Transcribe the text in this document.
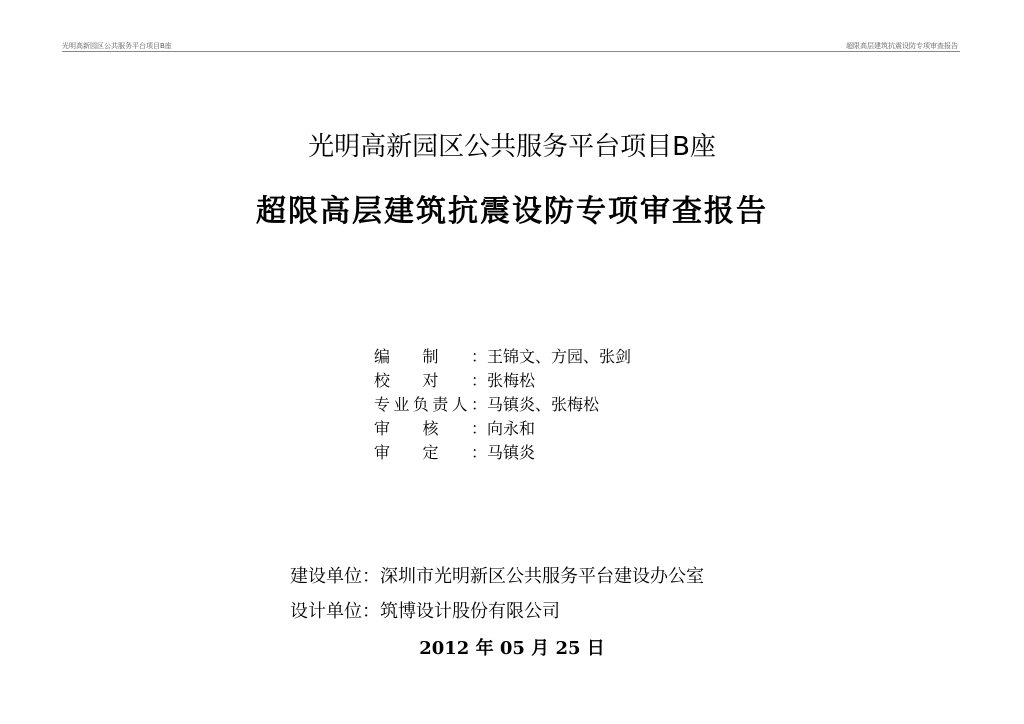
光明高新园区公共服务平台项目B座	超限高层建筑抗震设防专项审查报告
光明高新园区公共服务平台项目B座
超限高层建筑抗震设防专项审查报告
编制： 王锦文、方园、张剑
校对： 张梅松
专业负责人： 马镇炎、张梅松
审核： 向永和
审定： 马镇炎
建设单位：深圳市光明新区公共服务平台建设办公室
设计单位：筑博设计股份有限公司
2012 年 05 月 25 日
